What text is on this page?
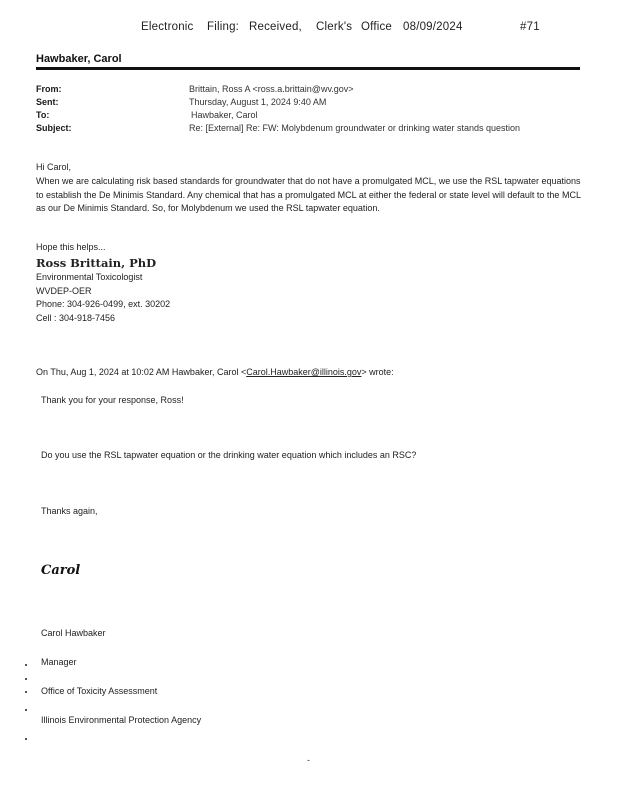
Electronic Filing: Received, Clerk's Office 08/09/2024	#71
Hawbaker, Carol
From:	Brittain, Ross A <ross.a.brittain@wv.gov>
Sent:	Thursday, August 1, 2024 9:40 AM
To:	Hawbaker, Carol
Subject:	Re: [External] Re: FW: Molybdenum groundwater or drinking water stands question
Hi Carol,
When we are calculating risk based standards for groundwater that do not have a promulgated MCL, we use the RSL tapwater equations to establish the De Minimis Standard. Any chemical that has a promulgated MCL at either the federal or state level will default to the MCL as our De Minimis Standard. So, for Molybdenum we used the RSL tapwater equation.
Hope this helps...
Ross Brittain, PhD
Environmental Toxicologist
WVDEP-OER
Phone: 304-926-0499, ext. 30202
Cell : 304-918-7456
On Thu, Aug 1, 2024 at 10:02 AM Hawbaker, Carol <Carol.Hawbaker@illinois.gov> wrote:
Thank you for your response, Ross!
Do you use the RSL tapwater equation or the drinking water equation which includes an RSC?
Thanks again,
Carol
Carol Hawbaker
Manager
Office of Toxicity Assessment
Illinois Environmental Protection Agency
-
